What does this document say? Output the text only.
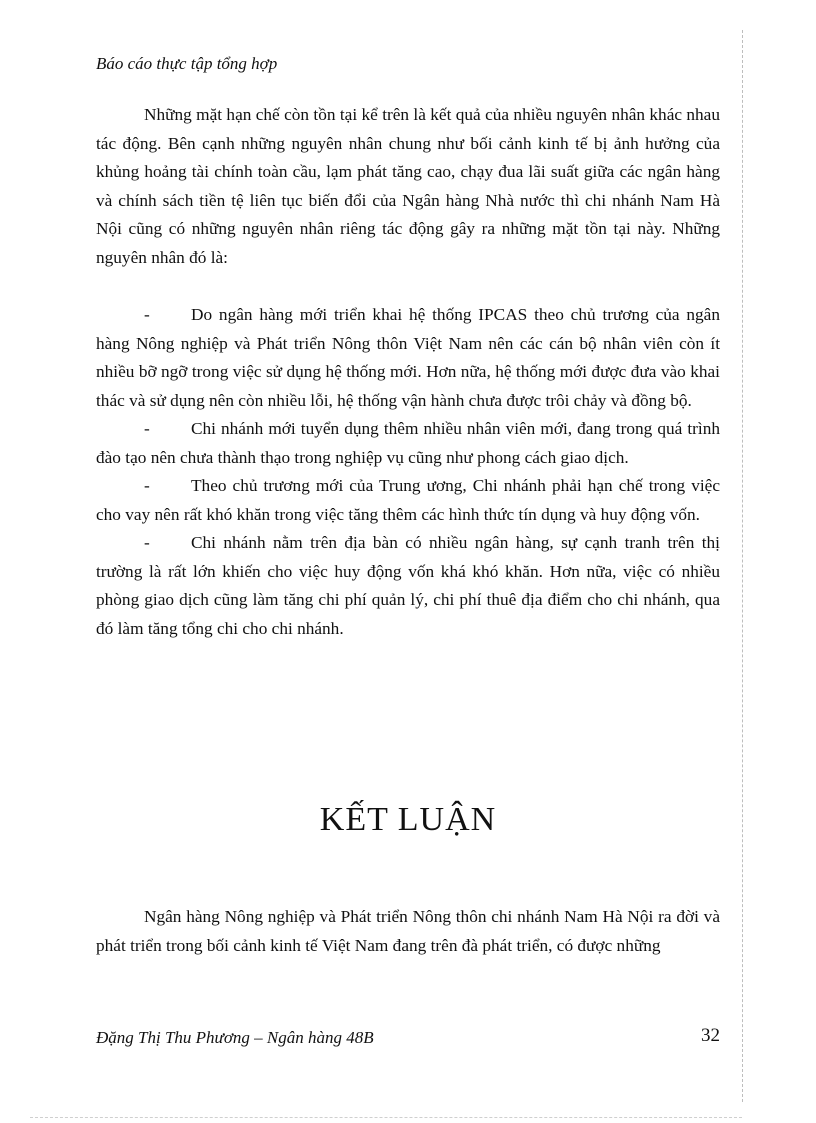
Báo cáo thực tập tổng hợp

Những mặt hạn chế còn tồn tại kể trên là kết quả của nhiều nguyên nhân khác nhau tác động. Bên cạnh những nguyên nhân chung như bối cảnh kinh tế bị ảnh hưởng của khủng hoảng tài chính toàn cầu, lạm phát tăng cao, chạy đua lãi suất giữa các ngân hàng và chính sách tiền tệ liên tục biến đổi của Ngân hàng Nhà nước thì chi nhánh Nam Hà Nội cũng có những nguyên nhân riêng tác động gây ra những mặt tồn tại này. Những nguyên nhân đó là:

- Do ngân hàng mới triển khai hệ thống IPCAS theo chủ trương của ngân hàng Nông nghiệp và Phát triển Nông thôn Việt Nam nên các cán bộ nhân viên còn ít nhiều bỡ ngỡ trong việc sử dụng hệ thống mới. Hơn nữa, hệ thống mới được đưa vào khai thác và sử dụng nên còn nhiều lỗi, hệ thống vận hành chưa được trôi chảy và đồng bộ.

- Chi nhánh mới tuyển dụng thêm nhiều nhân viên mới, đang trong quá trình đào tạo nên chưa thành thạo trong nghiệp vụ cũng như phong cách giao dịch.

- Theo chủ trương mới của Trung ương, Chi nhánh phải hạn chế trong việc cho vay nên rất khó khăn trong việc tăng thêm các hình thức tín dụng và huy động vốn.

- Chi nhánh nằm trên địa bàn có nhiều ngân hàng, sự cạnh tranh trên thị trường là rất lớn khiến cho việc huy động vốn khá khó khăn. Hơn nữa, việc có nhiều phòng giao dịch cũng làm tăng chi phí quản lý, chi phí thuê địa điểm cho chi nhánh, qua đó làm tăng tổng chi cho chi nhánh.

KẾT LUẬN

Ngân hàng Nông nghiệp và Phát triển Nông thôn chi nhánh Nam Hà Nội ra đời và phát triển trong bối cảnh kinh tế Việt Nam đang trên đà phát triển, có được những

Đặng Thị Thu Phương – Ngân hàng 48B	32
